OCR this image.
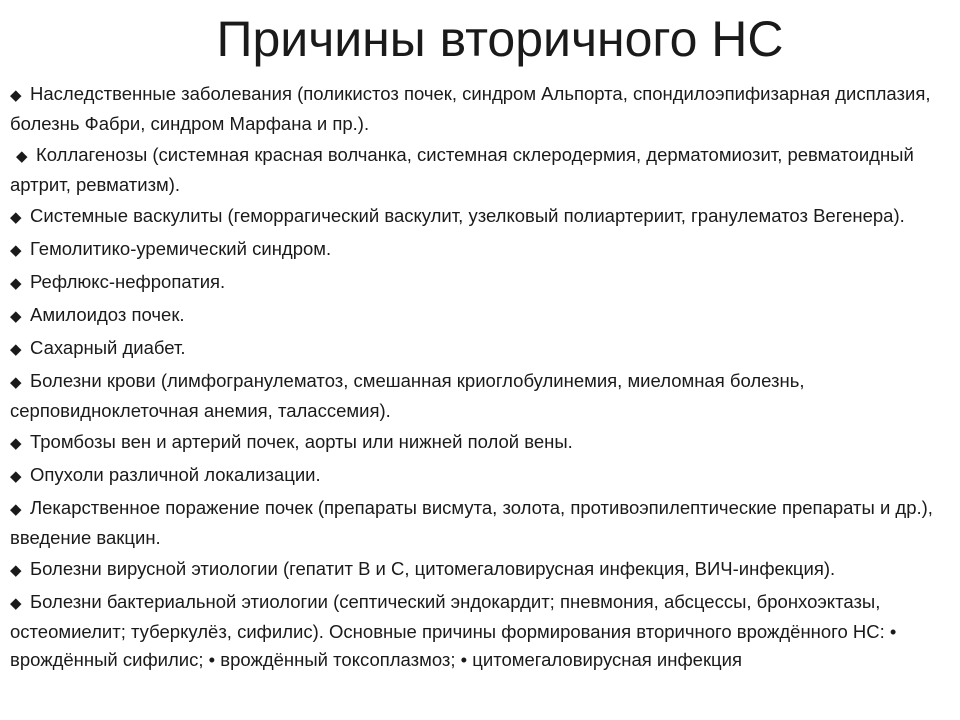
Причины вторичного НС
◆ Наследственные заболевания (поликистоз почек, синдром Альпорта, спондилоэпифизарная дисплазия, болезнь Фабри, синдром Марфана и пр.).
◆ Коллагенозы (системная красная волчанка, системная склеродермия, дерматомиозит, ревматоидный артрит, ревматизм).
◆ Системные васкулиты (геморрагический васкулит, узелковый полиартериит, гранулематоз Вегенера).
◆ Гемолитико-уремический синдром.
◆ Рефлюкс-нефропатия.
◆ Амилоидоз почек.
◆ Сахарный диабет.
◆ Болезни крови (лимфогранулематоз, смешанная криоглобулинемия, миеломная болезнь, серповидноклеточная анемия, талассемия).
◆ Тромбозы вен и артерий почек, аорты или нижней полой вены.
◆ Опухоли различной локализации.
◆ Лекарственное поражение почек (препараты висмута, золота, противоэпилептические препараты и др.), введение вакцин.
◆ Болезни вирусной этиологии (гепатит В и С, цитомегаловирусная инфекция, ВИЧ-инфекция).
◆ Болезни бактериальной этиологии (септический эндокардит; пневмония, абсцессы, бронхоэктазы, остеомиелит; туберкулёз, сифилис). Основные причины формирования вторичного врождённого НС: • врождённый сифилис; • врождённый токсоплазмоз; • цитомегаловирусная инфекция
